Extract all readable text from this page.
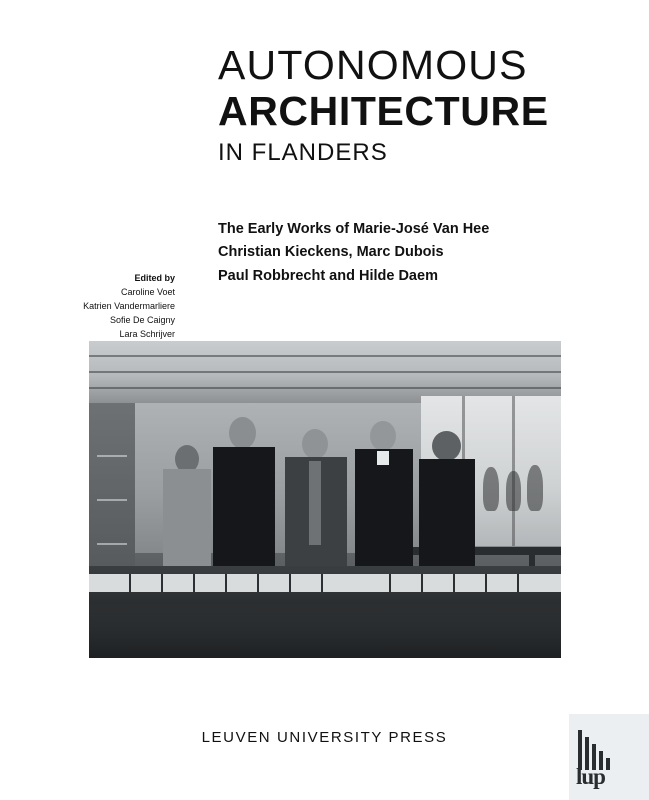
AUTONOMOUS
ARCHITECTURE
IN FLANDERS
The Early Works of Marie-José Van Hee
Christian Kieckens, Marc Dubois
Paul Robbrecht and Hilde Daem
Edited by
Caroline Voet
Katrien Vandermarliere
Sofie De Caigny
Lara Schrijver
LEUVEN UNIVERSITY PRESS
lup
